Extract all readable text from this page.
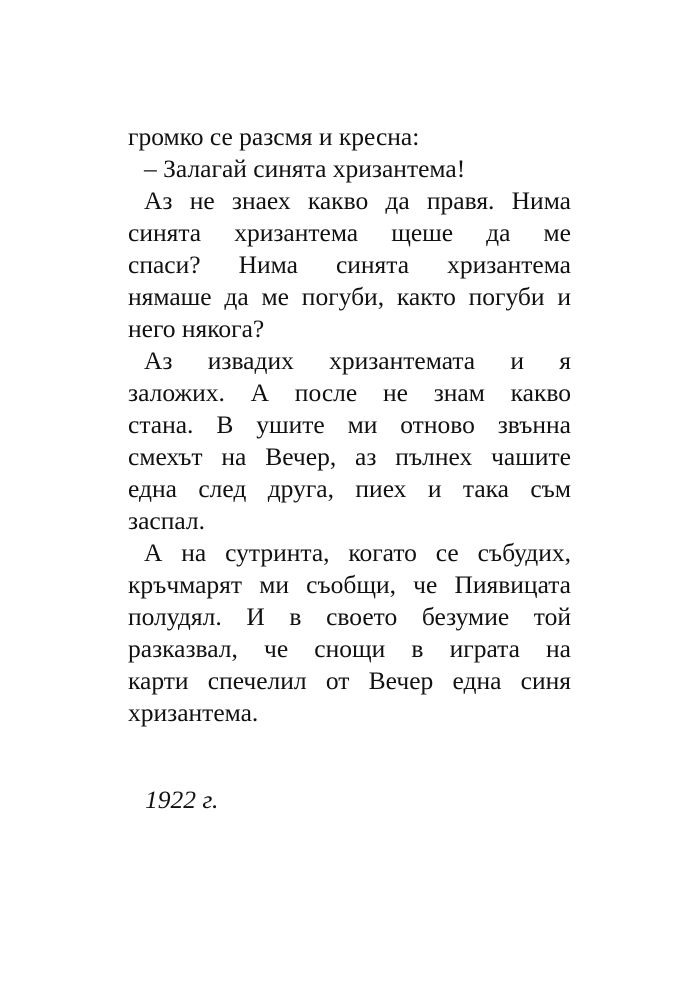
громко се разсмя и кресна:
– Залагай синята хризантема!
Аз не знаех какво да правя. Нима
синята хризантема щеше да ме
спаси? Нима синята хризантема
нямаше да ме погуби, както погуби и
него някога?
Аз извадих хризантемата и я
заложих. А после не знам какво
стана. В ушите ми отново звънна
смехът на Вечер, аз пълнех чашите
една след друга, пиех и така съм
заспал.
А на сутринта, когато се събудих,
кръчмарят ми съобщи, че Пиявицата
полудял. И в своето безумие той
разказвал, че снощи в играта на
карти спечелил от Вечер една синя
хризантема.
1922 г.
